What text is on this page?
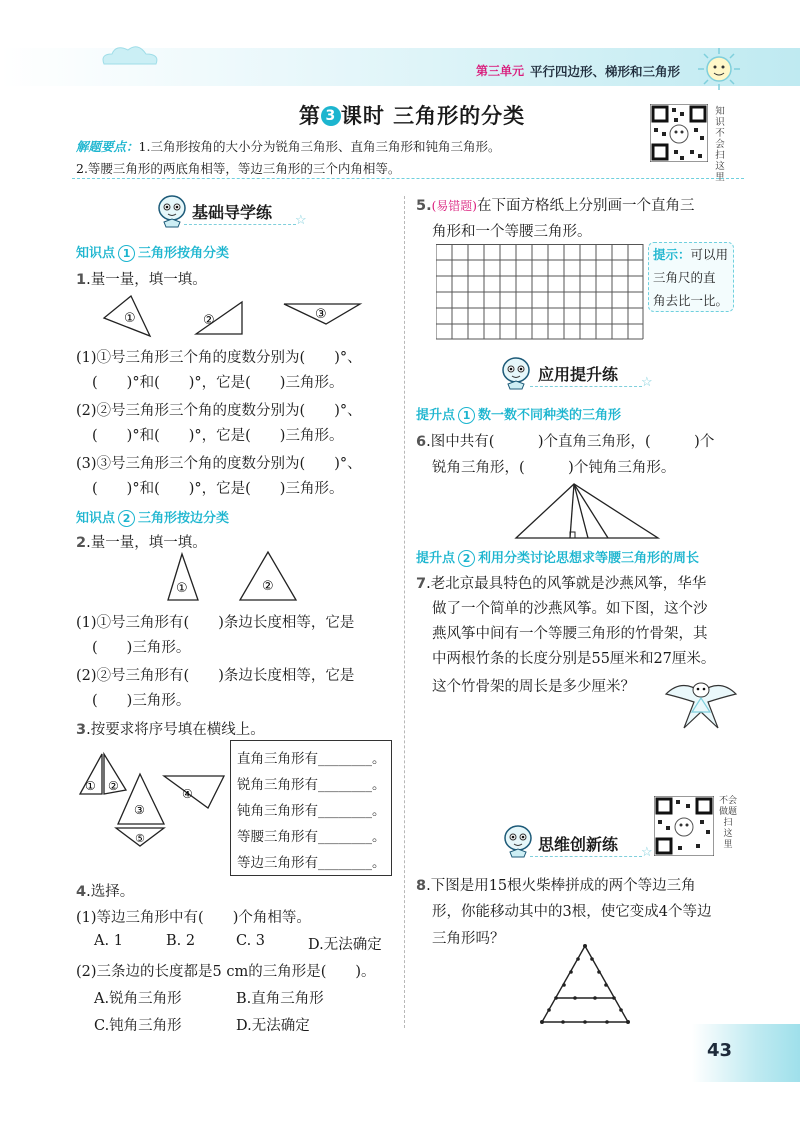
第三单元 平行四边形、梯形和三角形
第 3 课时 三角形的分类	知
识
不
会
扫
这
里
解题要点：1.三角形按角的大小分为锐角三角形、直角三角形和钝角三角形。
2.等腰三角形的两底角相等，等边三角形的三个内角相等。
基础导学练 ☆
知识点 1 三角形按角分类
1.量一量，填一填。
①	②	③
(1)①号三角形三个角的度数分别为(　　)°、
(　　)°和(　　)°，它是(　　)三角形。
(2)②号三角形三个角的度数分别为(　　)°、
(　　)°和(　　)°，它是(　　)三角形。
(3)③号三角形三个角的度数分别为(　　)°、
(　　)°和(　　)°，它是(　　)三角形。
知识点 2 三角形按边分类
2.量一量，填一填。
①	②
(1)①号三角形有(　　)条边长度相等，它是
(　　)三角形。
(2)②号三角形有(　　)条边长度相等，它是
(　　)三角形。
3.按要求将序号填在横线上。
① ②
③
④
⑤
直角三角形有________。
锐角三角形有________。
钝角三角形有________。
等腰三角形有________。
等边三角形有________。
4.选择。
(1)等边三角形中有(　　)个角相等。
A. 1	B. 2	C. 3	D.无法确定
(2)三条边的长度都是5 cm的三角形是(　　)。
A.锐角三角形	B.直角三角形
C.钝角三角形	D.无法确定
5.(易错题)在下面方格纸上分别画一个直角三
角形和一个等腰三角形。
提示：可以用
三角尺的直
角去比一比。
应用提升练 ☆
提升点 1 数一数不同种类的三角形
6.图中共有(　　　)个直角三角形，(　　　)个
锐角三角形，(　　　)个钝角三角形。
提升点 2 利用分类讨论思想求等腰三角形的周长
7.老北京最具特色的风筝就是沙燕风筝，华华
做了一个简单的沙燕风筝。如下图，这个沙
燕风筝中间有一个等腰三角形的竹骨架，其
中两根竹条的长度分别是55厘米和27厘米。
这个竹骨架的周长是多少厘米？
不会
做题
扫
这
里
思维创新练 ☆
8.下图是用15根火柴棒拼成的两个等边三角
形，你能移动其中的3根，使它变成4个等边
三角形吗？
43
